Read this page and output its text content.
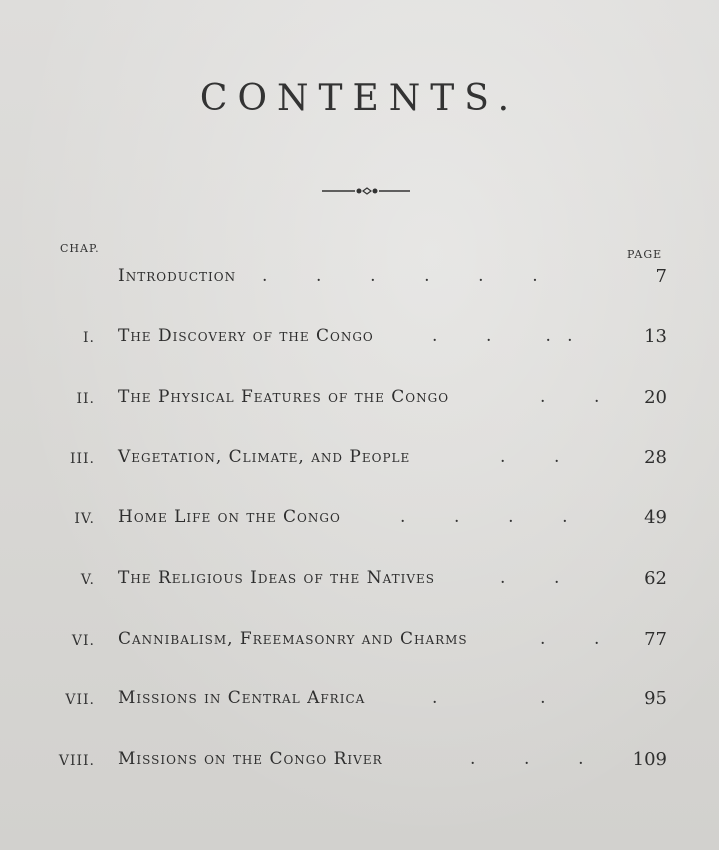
CONTENTS.
CHAP.	PAGE
Introduction .         .         .         .         .         .	7
I. The Discovery of the Congo	.         .          .   .	13
II. The Physical Features of the Congo	.         . 20
III. Vegetation, Climate, and People	.         .	28
IV. Home Life on the Congo	.         .         .         .	49
V. The Religious Ideas of the Natives	.         .	62
VI. Cannibalism, Freemasonry and Charms	.         . 77
VII. Missions in Central Africa	.                   .	95
VIII. Missions on the Congo River	.         .         .	109
